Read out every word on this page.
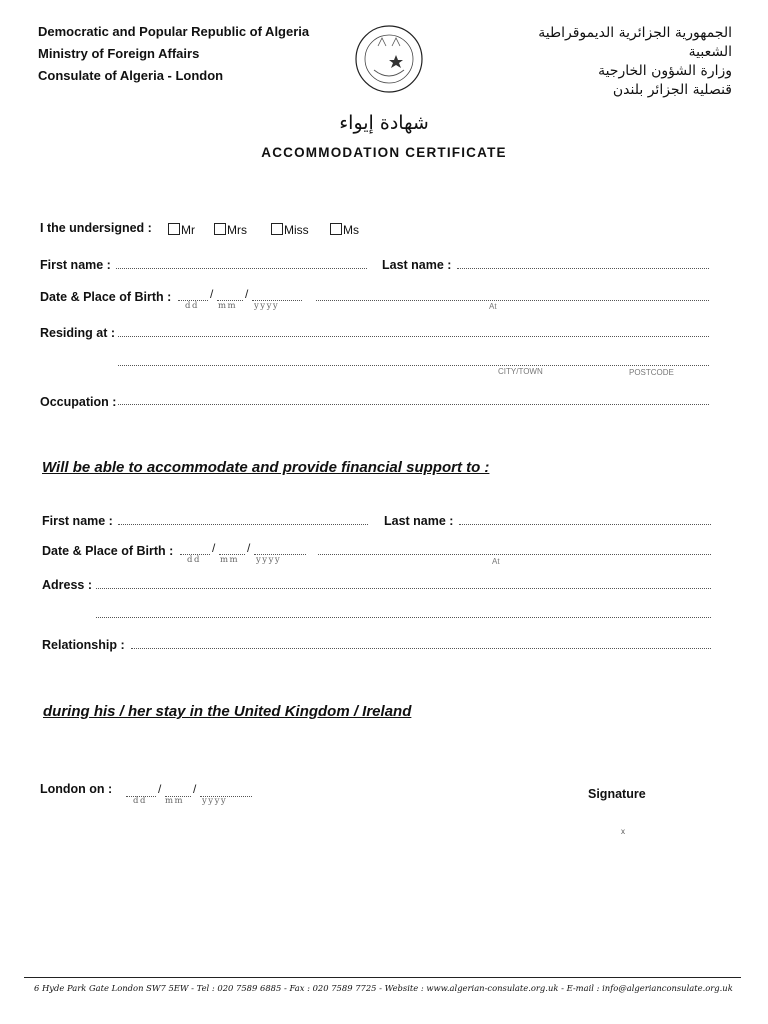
Democratic and Popular Republic of Algeria
Ministry of Foreign Affairs
Consulate of Algeria - London
الجمهورية الجزائرية الديموقراطية الشعبية
وزارة الشؤون الخارجية
قنصلية الجزائر بلندن
شهادة إيواء
ACCOMMODATION CERTIFICATE
I the undersigned :	Mr	Mrs	Miss	Ms
First name :	Last name :
Date & Place of Birth :	/	/
dd mm yyyy	At
Residing at :
CITY/TOWN	POSTCODE
Occupation :
Will be able to accommodate and provide financial support to :
First name :	Last name :
Date & Place of Birth :	/	/
dd mm yyyy	At
Adress :
Relationship :
during his / her stay in the United Kingdom / Ireland
London on :	/	/
dd mm yyyy	Signature
x
6 Hyde Park Gate London SW7 5EW - Tel : 020 7589 6885 - Fax : 020 7589 7725 - Website : www.algerian-consulate.org.uk - E-mail : info@algerianconsulate.org.uk
